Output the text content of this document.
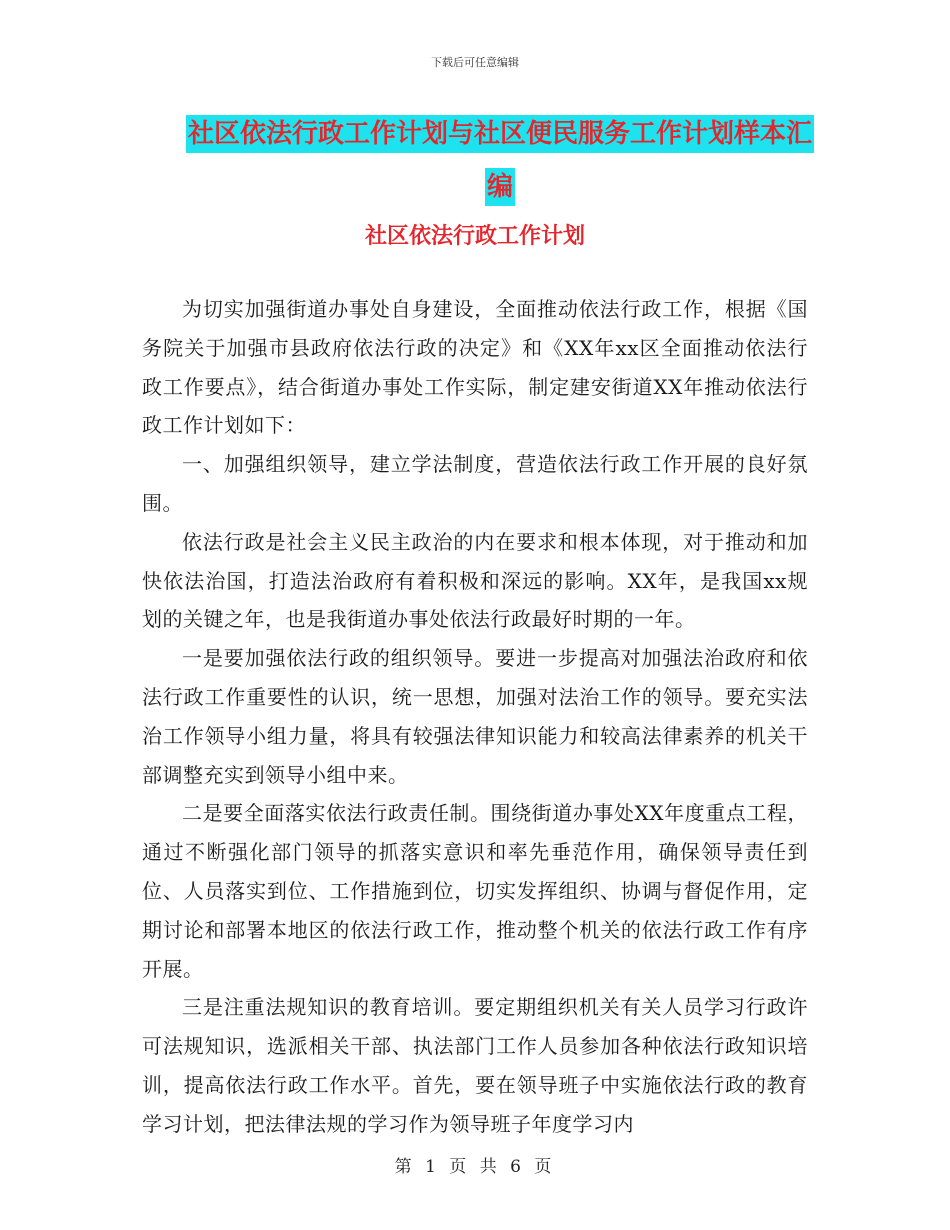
下载后可任意编辑
社区依法行政工作计划与社区便民服务工作计划样本汇编
社区依法行政工作计划

为切实加强街道办事处自身建设，全面推动依法行政工作，根据《国务院关于加强市县政府依法行政的决定》和《XX年xx区全面推动依法行政工作要点》，结合街道办事处工作实际，制定建安街道XX年推动依法行政工作计划如下：

一、加强组织领导，建立学法制度，营造依法行政工作开展的良好氛围。

依法行政是社会主义民主政治的内在要求和根本体现，对于推动和加快依法治国，打造法治政府有着积极和深远的影响。XX年，是我国xx规划的关键之年，也是我街道办事处依法行政最好时期的一年。

一是要加强依法行政的组织领导。要进一步提高对加强法治政府和依法行政工作重要性的认识，统一思想，加强对法治工作的领导。要充实法治工作领导小组力量，将具有较强法律知识能力和较高法律素养的机关干部调整充实到领导小组中来。

二是要全面落实依法行政责任制。围绕街道办事处XX年度重点工程，通过不断强化部门领导的抓落实意识和率先垂范作用，确保领导责任到位、人员落实到位、工作措施到位，切实发挥组织、协调与督促作用，定期讨论和部署本地区的依法行政工作，推动整个机关的依法行政工作有序开展。

三是注重法规知识的教育培训。要定期组织机关有关人员学习行政许可法规知识，选派相关干部、执法部门工作人员参加各种依法行政知识培训，提高依法行政工作水平。首先，要在领导班子中实施依法行政的教育学习计划，把法律法规的学习作为领导班子年度学习内

第 1 页 共 6 页
